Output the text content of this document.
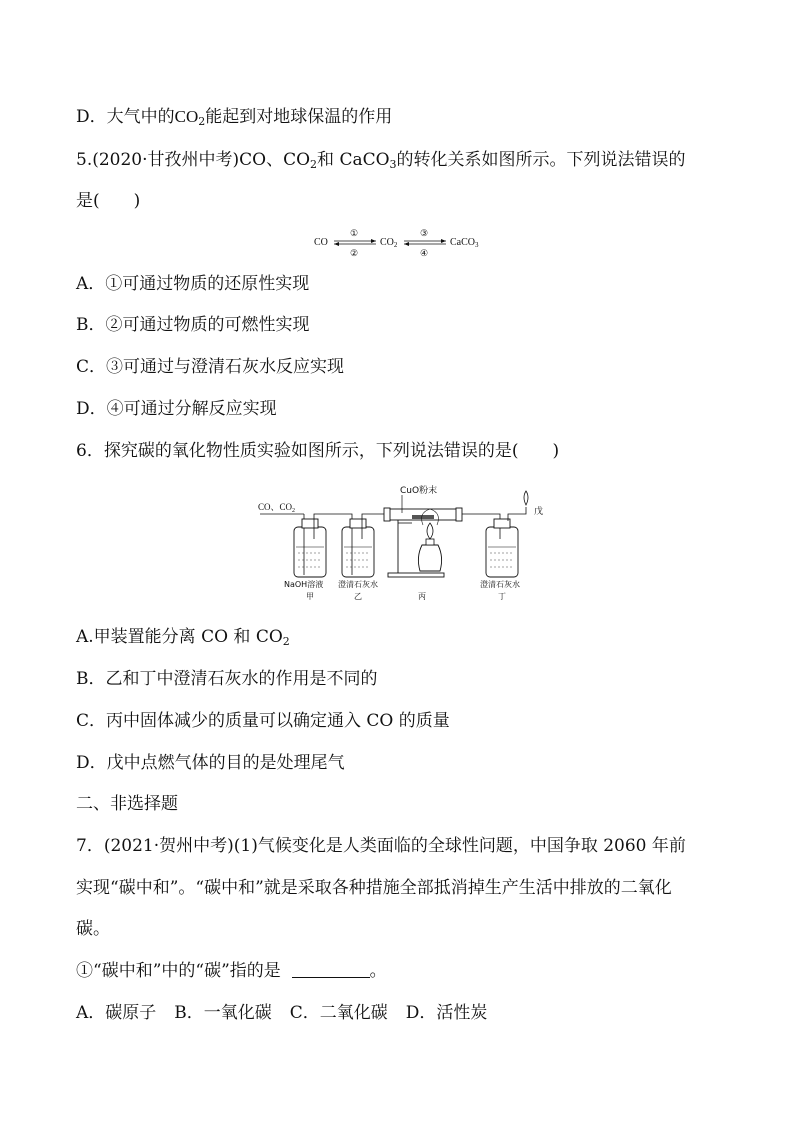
D．大气中的$CO_2$能起到对地球保温的作用
5.(2020·甘孜州中考)CO、$CO_2$和 CaCO$_3$的转化关系如图所示。下列说法错误的
是( )
CO
①
②
$CO_2$
③
④
CaCO$_3$
A．①可通过物质的还原性实现
B．②可通过物质的可燃性实现
C．③可通过与澄清石灰水反应实现
D．④可通过分解反应实现
6．探究碳的氧化物性质实验如图所示，下列说法错误的是( )
CO、$CO_2$
CuO粉末
戊
NaOH溶液
甲
澄清石灰水
乙	丙
澄清石灰水
丁
A.甲装置能分离 CO 和 $CO_2$
B．乙和丁中澄清石灰水的作用是不同的
C．丙中固体减少的质量可以确定通入 CO 的质量
D．戊中点燃气体的目的是处理尾气
二、非选择题
7．(2021·贺州中考)(1)气候变化是人类面临的全球性问题，中国争取 2060 年前
实现“碳中和”。“碳中和”就是采取各种措施全部抵消掉生产生活中排放的二氧化
碳。
①“碳中和”中的“碳”指的是	。
A．碳原子 B．一氧化碳 C．二氧化碳 D．活性炭
